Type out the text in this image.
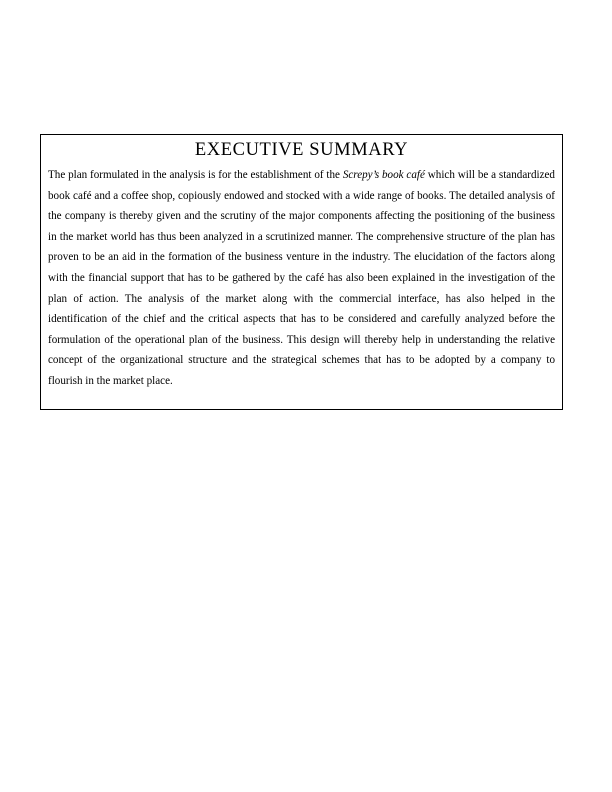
EXECUTIVE SUMMARY

The plan formulated in the analysis is for the establishment of the Screpy’s book café which will be a standardized book café and a coffee shop, copiously endowed and stocked with a wide range of books. The detailed analysis of the company is thereby given and the scrutiny of the major components affecting the positioning of the business in the market world has thus been analyzed in a scrutinized manner. The comprehensive structure of the plan has proven to be an aid in the formation of the business venture in the industry. The elucidation of the factors along with the financial support that has to be gathered by the café has also been explained in the investigation of the plan of action. The analysis of the market along with the commercial interface, has also helped in the identification of the chief and the critical aspects that has to be considered and carefully analyzed before the formulation of the operational plan of the business. This design will thereby help in understanding the relative concept of the organizational structure and the strategical schemes that has to be adopted by a company to flourish in the market place.
